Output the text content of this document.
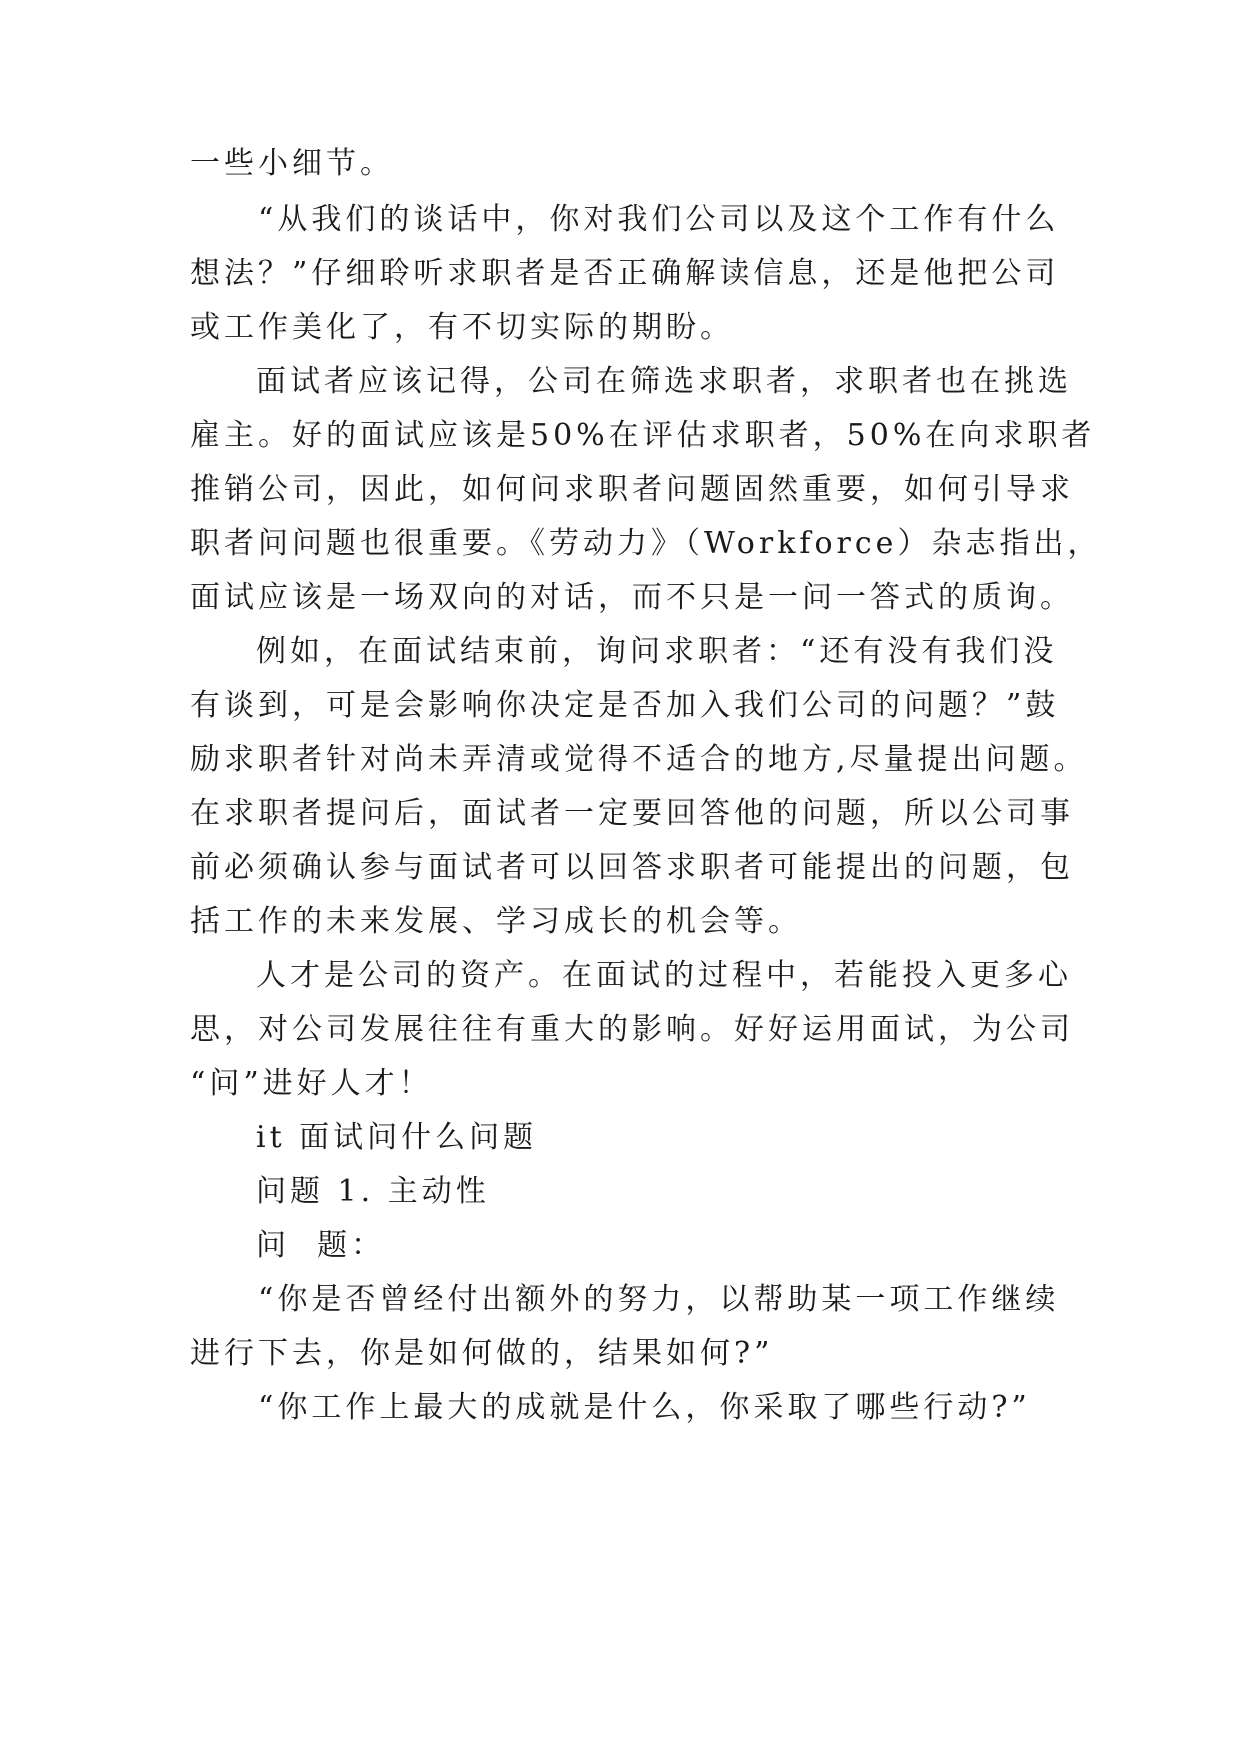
一些小细节。
“从我们的谈话中，你对我们公司以及这个工作有什么
想法？”仔细聆听求职者是否正确解读信息，还是他把公司
或工作美化了，有不切实际的期盼。
面试者应该记得，公司在筛选求职者，求职者也在挑选
雇主。好的面试应该是50%在评估求职者，50%在向求职者
推销公司，因此，如何问求职者问题固然重要，如何引导求
职者问问题也很重要。《劳动力》（Workforce）杂志指出，
面试应该是一场双向的对话，而不只是一问一答式的质询。
例如，在面试结束前，询问求职者：“还有没有我们没
有谈到，可是会影响你决定是否加入我们公司的问题？”鼓
励求职者针对尚未弄清或觉得不适合的地方,尽量提出问题。
在求职者提问后，面试者一定要回答他的问题，所以公司事
前必须确认参与面试者可以回答求职者可能提出的问题，包
括工作的未来发展、学习成长的机会等。
人才是公司的资产。在面试的过程中，若能投入更多心
思，对公司发展往往有重大的影响。好好运用面试，为公司
“问”进好人才！
it 面试问什么问题
问题 1. 主动性
问  题：
“你是否曾经付出额外的努力，以帮助某一项工作继续
进行下去，你是如何做的，结果如何?”
“你工作上最大的成就是什么，你采取了哪些行动?”
